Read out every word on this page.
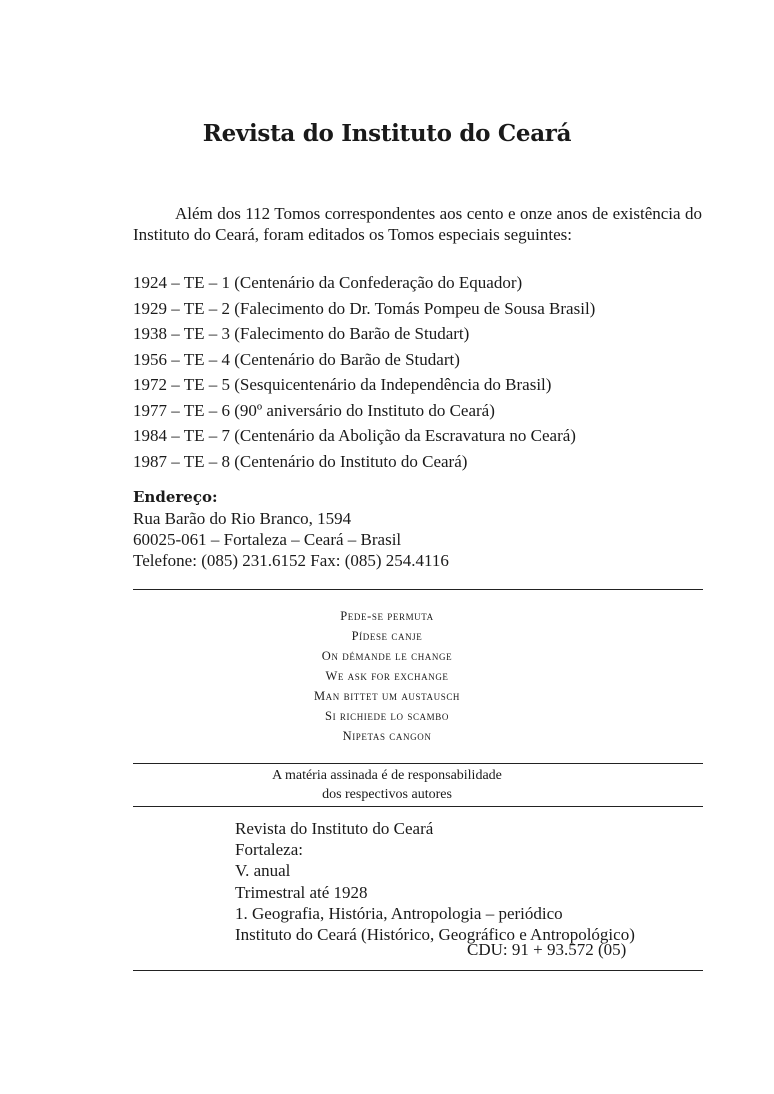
Revista do Instituto do Ceará

Além dos 112 Tomos correspondentes aos cento e onze anos de existência do Instituto do Ceará, foram editados os Tomos especiais seguintes:

1924 – TE – 1 (Centenário da Confederação do Equador)
1929 – TE – 2 (Falecimento do Dr. Tomás Pompeu de Sousa Brasil)
1938 – TE – 3 (Falecimento do Barão de Studart)
1956 – TE – 4 (Centenário do Barão de Studart)
1972 – TE – 5 (Sesquicentenário da Independência do Brasil)
1977 – TE – 6 (90º aniversário do Instituto do Ceará)
1984 – TE – 7 (Centenário da Abolição da Escravatura no Ceará)
1987 – TE – 8 (Centenário do Instituto do Ceará)
Endereço:
Rua Barão do Rio Branco, 1594
60025-061 – Fortaleza – Ceará – Brasil
Telefone: (085) 231.6152 Fax: (085) 254.4116
Pede-se permuta
Pídese canje
On démande le change
We ask for exchange
Man bittet um austausch
Si richiede lo scambo
Nipetas cangon
A matéria assinada é de responsabilidade
dos respectivos autores
Revista do Instituto do Ceará
Fortaleza:
V. anual
Trimestral até 1928
1. Geografia, História, Antropologia – periódico
Instituto do Ceará (Histórico, Geográfico e Antropológico)
CDU: 91 + 93.572 (05)
